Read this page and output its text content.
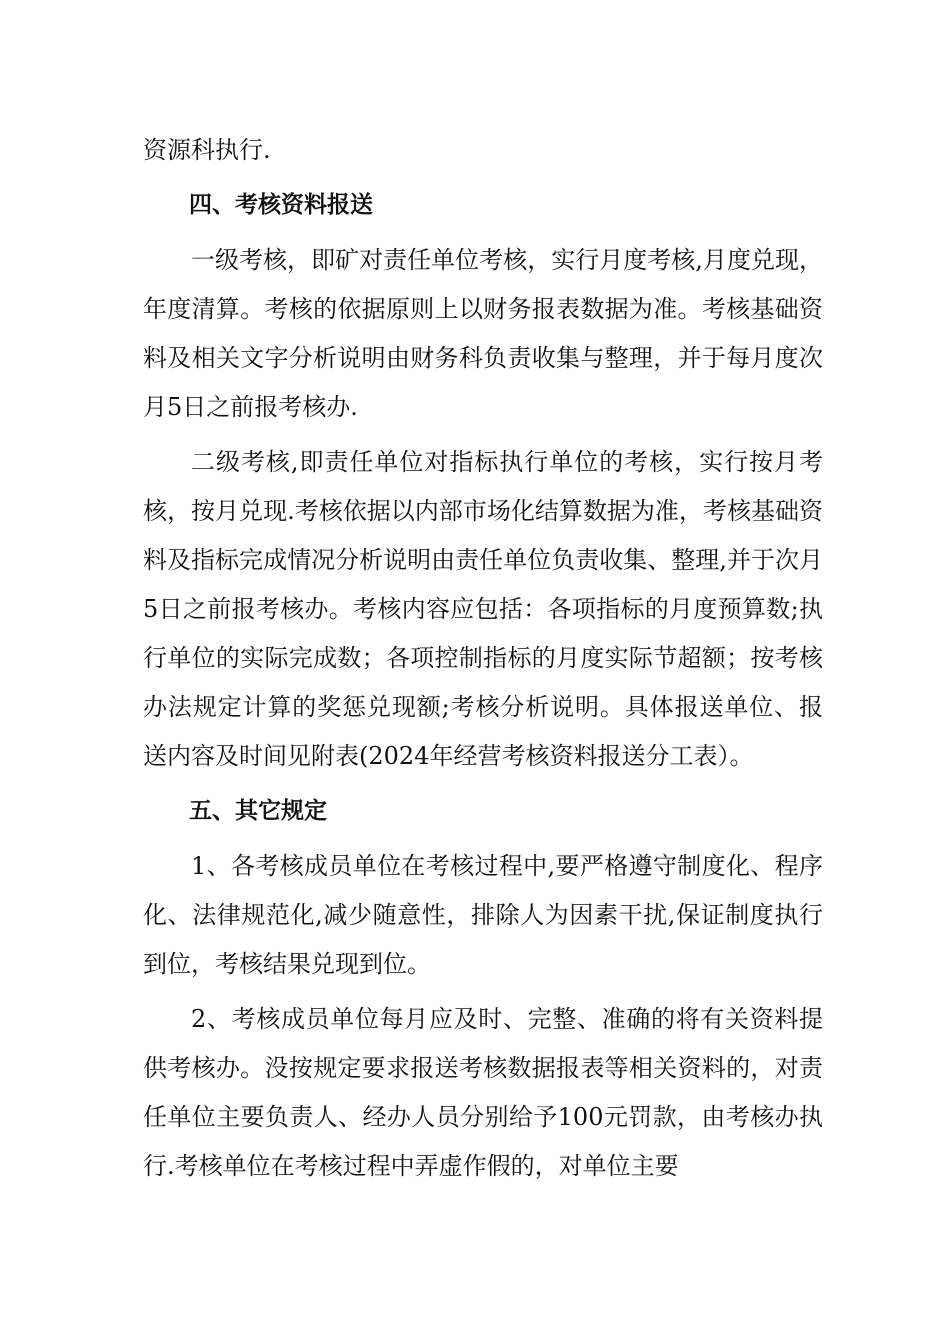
资源科执行.

四、考核资料报送

一级考核，即矿对责任单位考核，实行月度考核,月度兑现，年度清算。考核的依据原则上以财务报表数据为准。考核基础资料及相关文字分析说明由财务科负责收集与整理，并于每月度次月5日之前报考核办.

二级考核,即责任单位对指标执行单位的考核，实行按月考核，按月兑现.考核依据以内部市场化结算数据为准，考核基础资料及指标完成情况分析说明由责任单位负责收集、整理,并于次月5日之前报考核办。考核内容应包括：各项指标的月度预算数;执行单位的实际完成数；各项控制指标的月度实际节超额；按考核办法规定计算的奖惩兑现额;考核分析说明。具体报送单位、报送内容及时间见附表(2024年经营考核资料报送分工表）。

五、其它规定

1、各考核成员单位在考核过程中,要严格遵守制度化、程序化、法律规范化,减少随意性，排除人为因素干扰,保证制度执行到位，考核结果兑现到位。

2、考核成员单位每月应及时、完整、准确的将有关资料提供考核办。没按规定要求报送考核数据报表等相关资料的，对责任单位主要负责人、经办人员分别给予100元罚款，由考核办执行.考核单位在考核过程中弄虚作假的，对单位主要
